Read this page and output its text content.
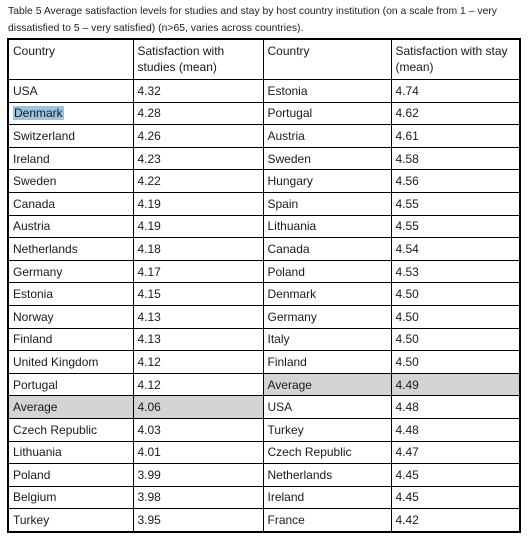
Table 5 Average satisfaction levels for studies and stay by host country institution (on a scale from 1 – very dissatisfied to 5 – very satisfied) (n>65, varies across countries).
Country	Satisfaction with studies (mean)	Country	Satisfaction with stay (mean)
USA	4.32	Estonia	4.74
Denmark	4.28	Portugal	4.62
Switzerland	4.26	Austria	4.61
Ireland	4.23	Sweden	4.58
Sweden	4.22	Hungary	4.56
Canada	4.19	Spain	4.55
Austria	4.19	Lithuania	4.55
Netherlands	4.18	Canada	4.54
Germany	4.17	Poland	4.53
Estonia	4.15	Denmark	4.50
Norway	4.13	Germany	4.50
Finland	4.13	Italy	4.50
United Kingdom	4.12	Finland	4.50
Portugal	4.12	Average	4.49
Average	4.06	USA	4.48
Czech Republic	4.03	Turkey	4.48
Lithuania	4.01	Czech Republic	4.47
Poland	3.99	Netherlands	4.45
Belgium	3.98	Ireland	4.45
Turkey	3.95	France	4.42
